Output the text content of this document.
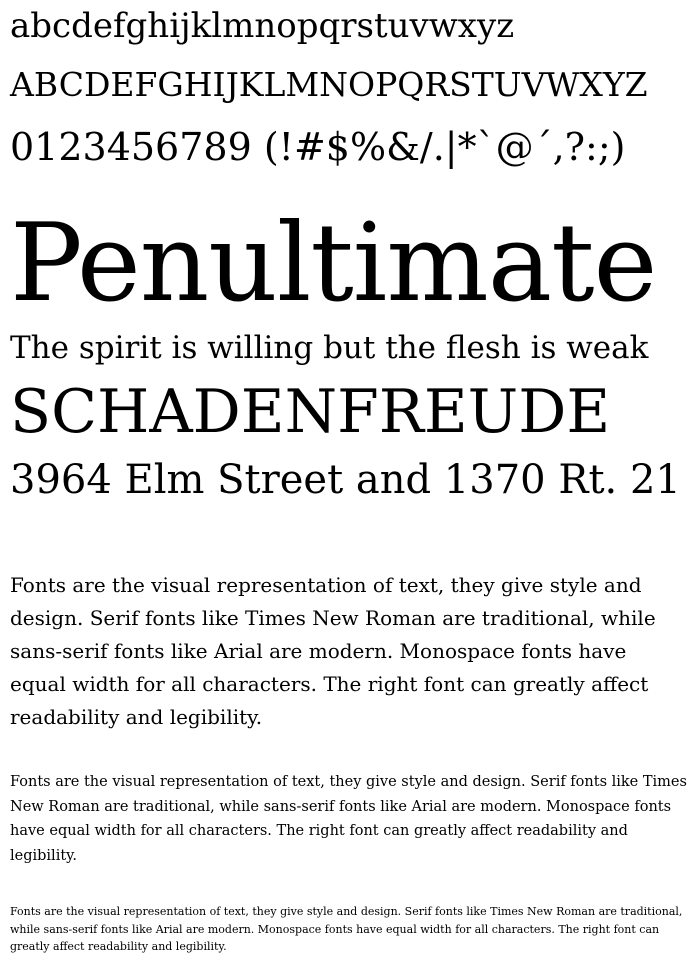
abcdefghijklmnopqrstuvwxyz
ABCDEFGHIJKLMNOPQRSTUVWXYZ
0123456789 (!#$%&/.|*`@´,?:;)
Penultimate
The spirit is willing but the flesh is weak
SCHADENFREUDE
3964 Elm Street and 1370 Rt. 21

Fonts are the visual representation of text, they give style and design. Serif fonts like Times New Roman are traditional, while sans-serif fonts like Arial are modern. Monospace fonts have equal width for all characters. The right font can greatly affect readability and legibility.

Fonts are the visual representation of text, they give style and design. Serif fonts like Times New Roman are traditional, while sans-serif fonts like Arial are modern. Monospace fonts have equal width for all characters. The right font can greatly affect readability and legibility.

Fonts are the visual representation of text, they give style and design. Serif fonts like Times New Roman are traditional, while sans-serif fonts like Arial are modern. Monospace fonts have equal width for all characters. The right font can greatly affect readability and legibility.
